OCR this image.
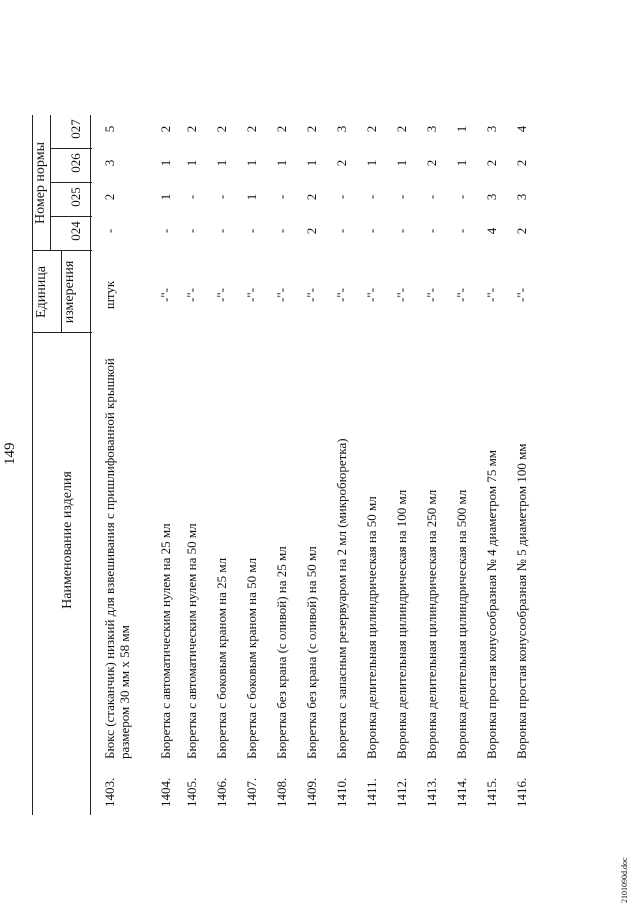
149
Наименование изделия
Единица измерения
Номер нормы
024
025
026
027
1403.
Бюкс (стаканчик) низкий для взвешивания с пришлифованной крышкой размером 30 мм х 58 мм
штук
-
2
3
5
1404.
Бюретка с автоматическим нулем на 25 мл
-"-
-
1
1
2
1405.
Бюретка с автоматическим нулем на 50 мл
-"-
-
-
1
2
1406.
Бюретка с боковым краном на 25 мл
-"-
-
-
1
2
1407.
Бюретка с боковым краном на 50 мл
-"-
-
1
1
2
1408.
Бюретка без крана (с оливой) на 25 мл
-"-
-
-
1
2
1409.
Бюретка без крана (с оливой) на 50 мл
-"-
2
2
1
2
1410.
Бюретка с запасным резервуаром на 2 мл (микробюретка)
-"-
-
-
2
3
1411.
Воронка делительная цилиндрическая на 50 мл
-"-
-
-
1
2
1412.
Воронка делительная цилиндрическая на 100 мл
-"-
-
-
1
2
1413.
Воронка делительная цилиндрическая на 250 мл
-"-
-
-
2
3
1414.
Воронка делительная цилиндрическая на 500 мл
-"-
-
-
1
1
1415.
Воронка простая конусообразная № 4 диаметром 75 мм
-"-
4
3
2
3
1416.
Воронка простая конусообразная № 5 диаметром 100 мм
-"-
2
3
2
4
2101090d.doc
